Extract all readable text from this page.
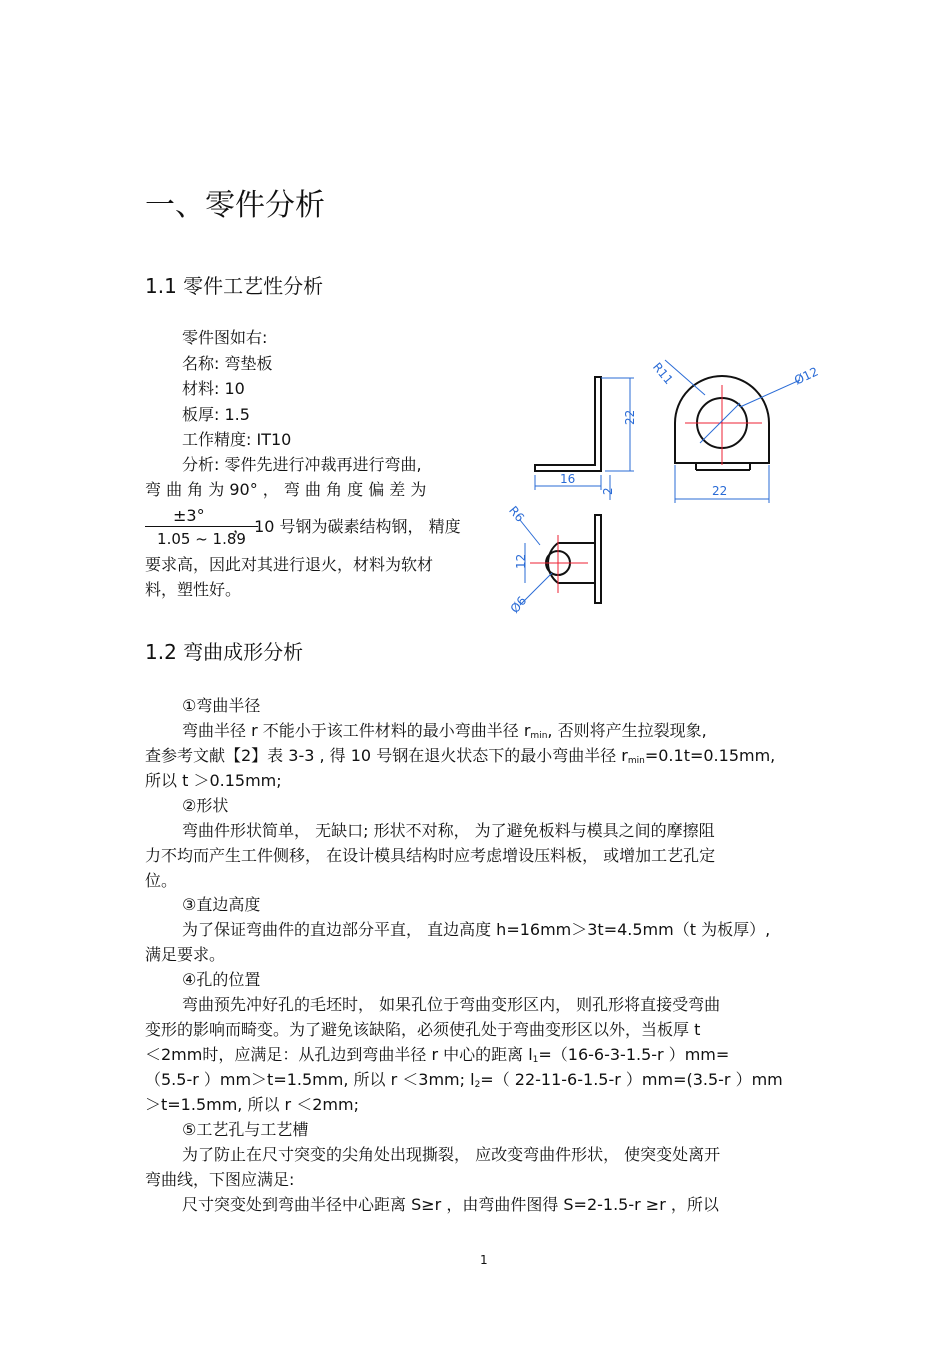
一、零件分析
1.1 零件工艺性分析
零件图如右:
名称: 弯垫板
材料: 10
板厚: 1.5
工作精度: IT10
分析: 零件先进行冲裁再进行弯曲,
弯 曲 角 为 90° ， 弯 曲 角 度 偏 差 为
$\frac{\pm 3^\circ}{1.05 \sim 1.89}$
， 10 号钢为碳素结构钢， 精度
要求高，因此对其进行退火，材料为软材
料，塑性好。
22
16
2
R11	Ø12
22
R6
12
Ø6
1.2 弯曲成形分析
①弯曲半径
弯曲半径 r 不能小于该工件材料的最小弯曲半径 $r_{min}$, 否则将产生拉裂现象,
查参考文献【2】表 3-3 , 得 10 号钢在退火状态下的最小弯曲半径 $r_{min}=0.1t=0.15mm$,
所以 t ＞0.15mm;
②形状
弯曲件形状简单， 无缺口; 形状不对称， 为了避免板料与模具之间的摩擦阻
力不均而产生工件侧移， 在设计模具结构时应考虑增设压料板， 或增加工艺孔定
位。
③直边高度
为了保证弯曲件的直边部分平直， 直边高度 h=16mm＞3t=4.5mm（t 为板厚）,
满足要求。
④孔的位置
弯曲预先冲好孔的毛坯时， 如果孔位于弯曲变形区内， 则孔形将直接受弯曲
变形的影响而畸变。为了避免该缺陷，必须使孔处于弯曲变形区以外，当板厚 t
＜2mm时，应满足：从孔边到弯曲半径 r 中心的距离 $l_1=(16-6-3-1.5-r$ ）mm=
（5.5-r ）mm＞t=1.5mm, 所以 r ＜3mm; $l_2=$（ 22-11-6-1.5-r ）mm=(3.5-r ）mm
＞t=1.5mm, 所以 r ＜2mm;
⑤工艺孔与工艺槽
为了防止在尺寸突变的尖角处出现撕裂， 应改变弯曲件形状， 使突变处离开
弯曲线，下图应满足:
尺寸突变处到弯曲半径中心距离 S≥r ，由弯曲件图得 S=2-1.5-r ≥r ，所以
1
